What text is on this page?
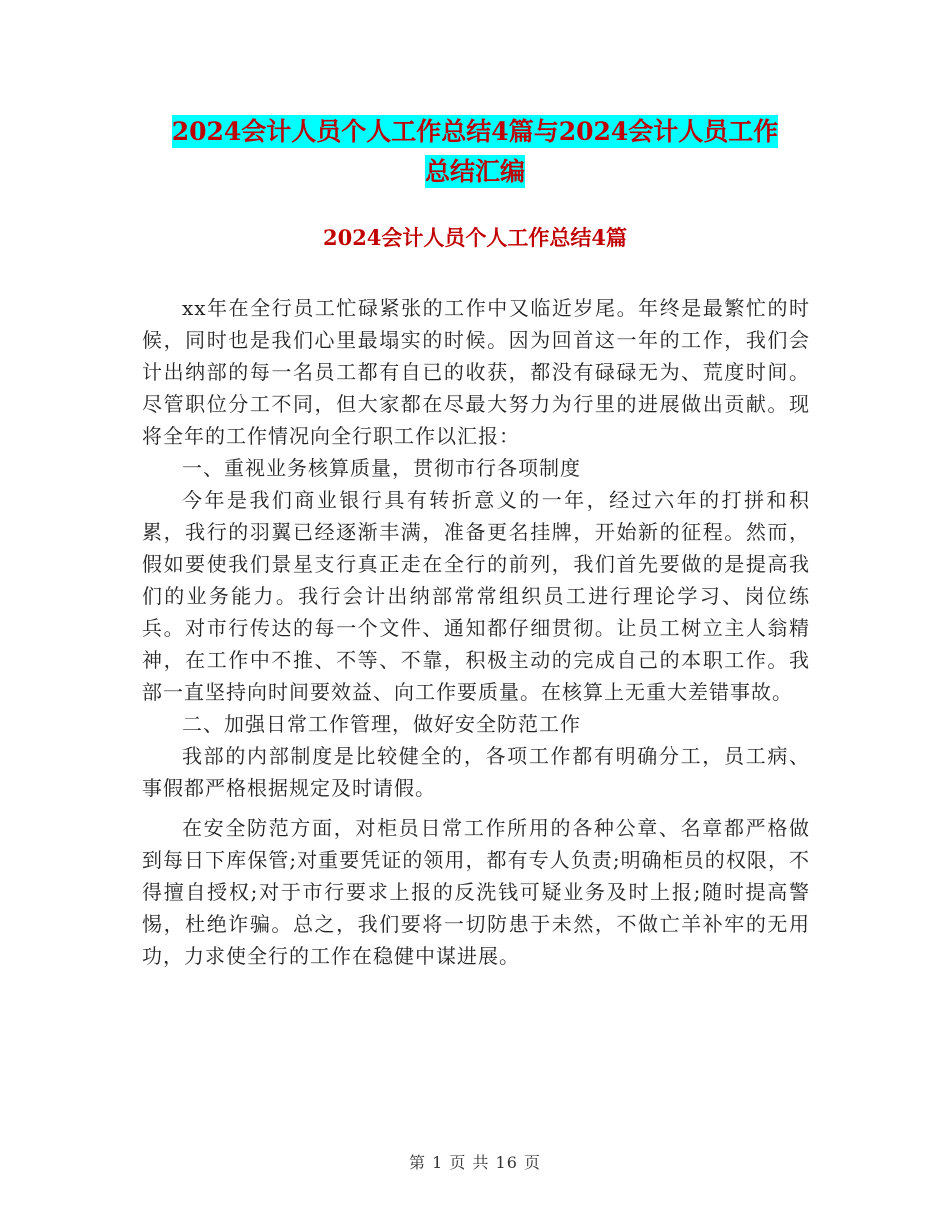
2024会计人员个人工作总结4篇与2024会计人员工作
总结汇编
2024会计人员个人工作总结4篇

xx年在全行员工忙碌紧张的工作中又临近岁尾。年终是最繁忙的时候，同时也是我们心里最塌实的时候。因为回首这一年的工作，我们会计出纳部的每一名员工都有自已的收获，都没有碌碌无为、荒度时间。尽管职位分工不同，但大家都在尽最大努力为行里的进展做出贡献。现将全年的工作情况向全行职工作以汇报：

一、重视业务核算质量，贯彻市行各项制度

今年是我们商业银行具有转折意义的一年，经过六年的打拼和积累，我行的羽翼已经逐渐丰满，准备更名挂牌，开始新的征程。然而，假如要使我们景星支行真正走在全行的前列，我们首先要做的是提高我们的业务能力。我行会计出纳部常常组织员工进行理论学习、岗位练兵。对市行传达的每一个文件、通知都仔细贯彻。让员工树立主人翁精神，在工作中不推、不等、不靠，积极主动的完成自己的本职工作。我部一直坚持向时间要效益、向工作要质量。在核算上无重大差错事故。

二、加强日常工作管理，做好安全防范工作

我部的内部制度是比较健全的，各项工作都有明确分工，员工病、事假都严格根据规定及时请假。

在安全防范方面，对柜员日常工作所用的各种公章、名章都严格做到每日下库保管;对重要凭证的领用，都有专人负责;明确柜员的权限，不得擅自授权;对于市行要求上报的反洗钱可疑业务及时上报;随时提高警惕，杜绝诈骗。总之，我们要将一切防患于未然，不做亡羊补牢的无用功，力求使全行的工作在稳健中谋进展。

第 1 页 共 16 页
